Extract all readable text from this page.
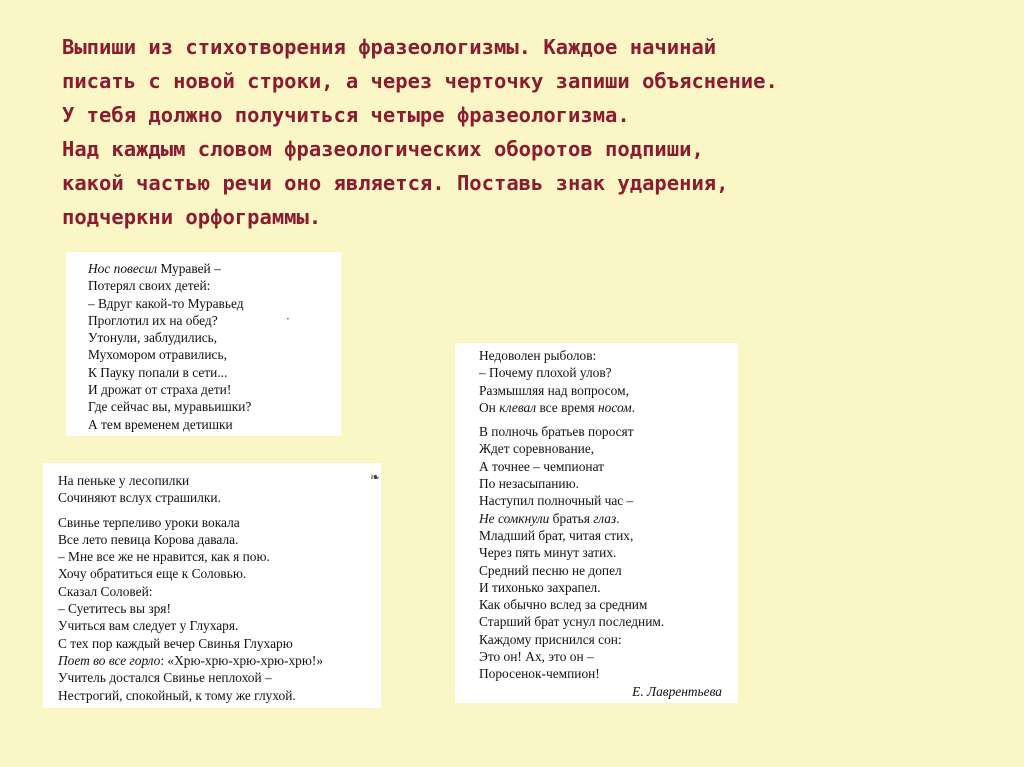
Выпиши из стихотворения фразеологизмы. Каждое начинай
писать с новой строки, а через черточку запиши объяснение.
У тебя должно получиться четыре фразеологизма.
Над каждым словом фразеологических оборотов подпиши,
какой частью речи оно является. Поставь знак ударения,
подчеркни орфограммы.
Нос повесил Муравей –
Потерял своих детей:
– Вдруг какой-то Муравьед
Проглотил их на обед?
Утонули, заблудились,
Мухомором отравились,
К Пауку попали в сети...
И дрожат от страха дети!
Где сейчас вы, муравьишки?
А тем временем детишки
·
На пеньке у лесопилки
Сочиняют вслух страшилки.
Свинье терпеливо уроки вокала
Все лето певица Корова давала.
– Мне все же не нравится, как я пою.
Хочу обратиться еще к Соловью.
Сказал Соловей:
– Суетитесь вы зря!
Учиться вам следует у Глухаря.
С тех пор каждый вечер Свинья Глухарю
Поет во все горло: «Хрю-хрю-хрю-хрю-хрю!»
Учитель достался Свинье неплохой –
Нестрогий, спокойный, к тому же глухой.
❧
Недоволен рыболов:
– Почему плохой улов?
Размышляя над вопросом,
Он клевал все время носом.
В полночь братьев поросят
Ждет соревнование,
А точнее – чемпионат
По незасыпанию.
Наступил полночный час –
Не сомкнули братья глаз.
Младший брат, читая стих,
Через пять минут затих.
Средний песню не допел
И тихонько захрапел.
Как обычно вслед за средним
Старший брат уснул последним.
Каждому приснился сон:
Это он! Ах, это он –
Поросенок-чемпион!
Е. Лаврентьева
